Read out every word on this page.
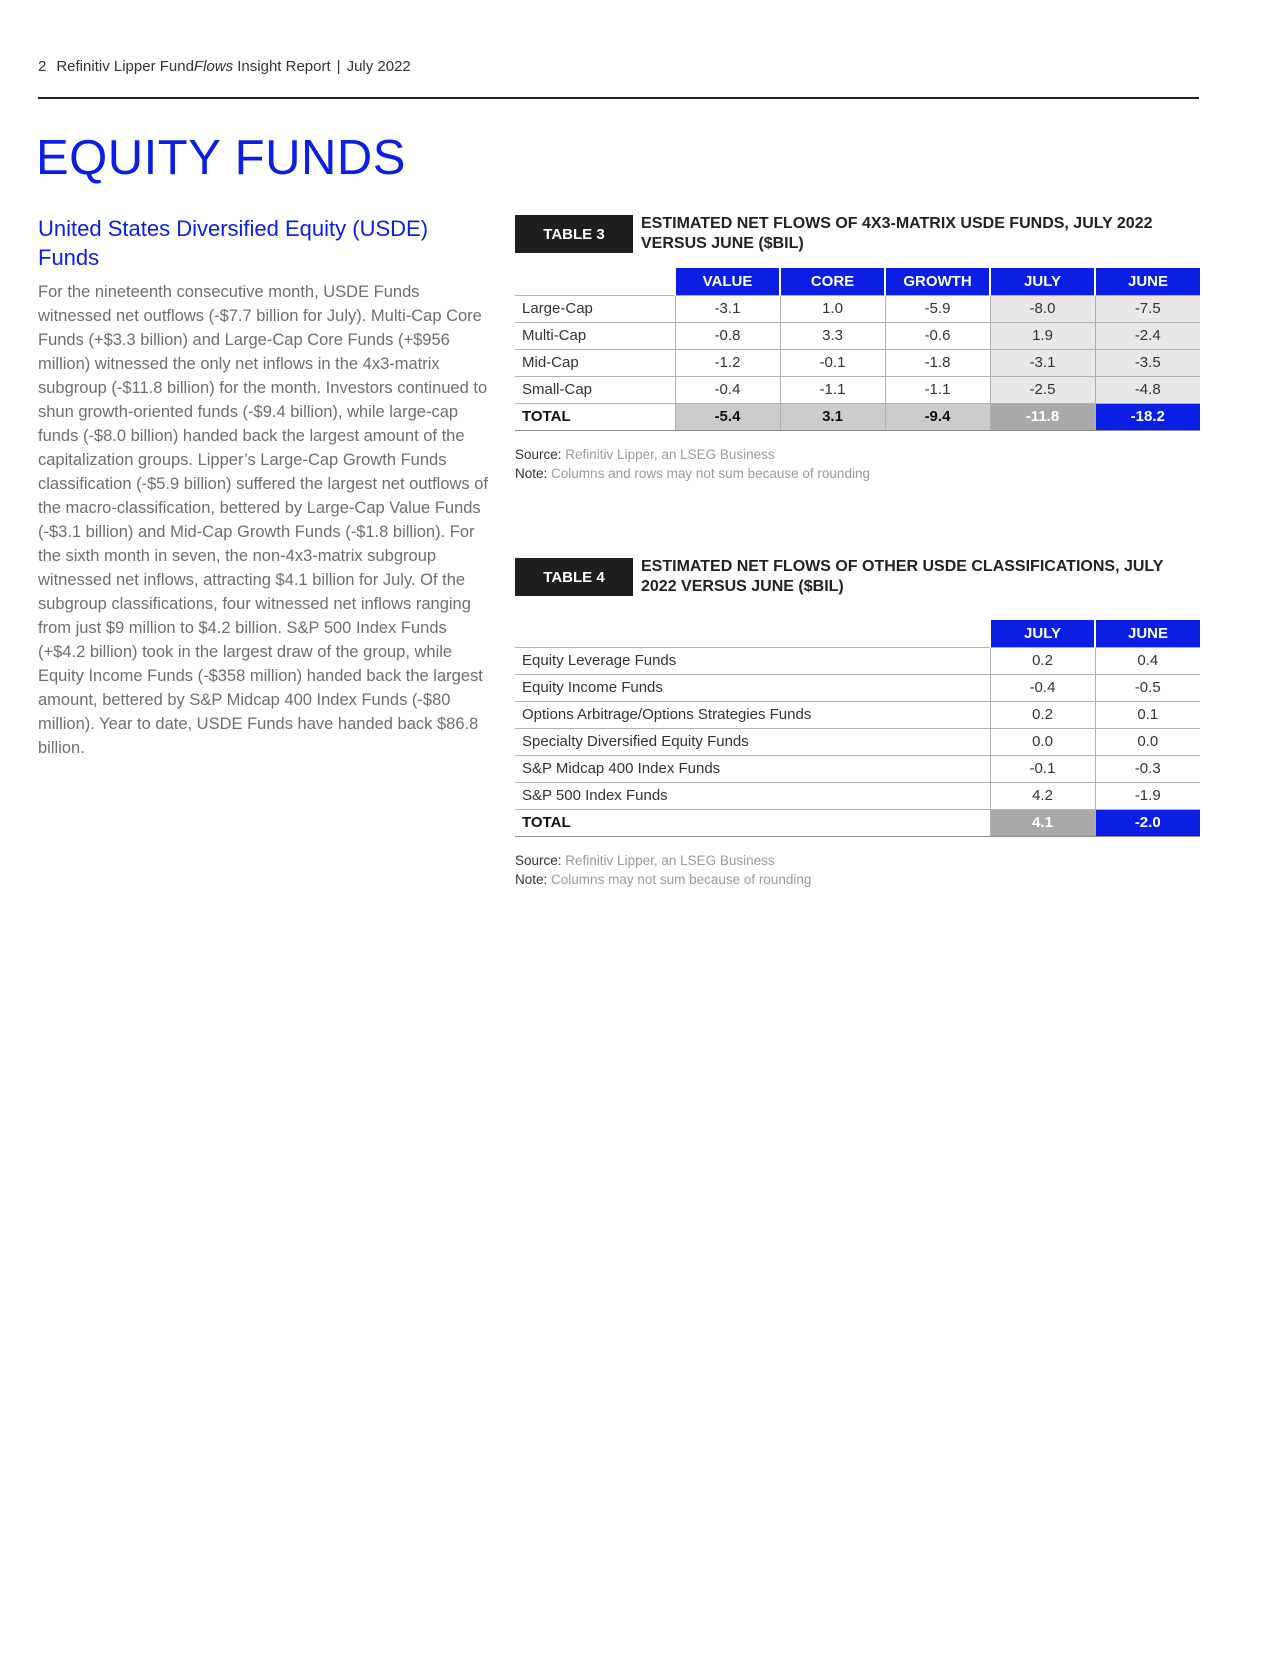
2 Refinitiv Lipper FundFlows Insight Report | July 2022
EQUITY FUNDS
United States Diversified Equity (USDE) Funds

For the nineteenth consecutive month, USDE Funds witnessed net outflows (-$7.7 billion for July). Multi-Cap Core Funds (+$3.3 billion) and Large-Cap Core Funds (+$956 million) witnessed the only net inflows in the 4x3-matrix subgroup (-$11.8 billion) for the month. Investors continued to shun growth-oriented funds (-$9.4 billion), while large-cap funds (-$8.0 billion) handed back the largest amount of the capitalization groups. Lipper’s Large-Cap Growth Funds classification (-$5.9 billion) suffered the largest net outflows of the macro-classification, bettered by Large-Cap Value Funds (-$3.1 billion) and Mid-Cap Growth Funds (-$1.8 billion). For the sixth month in seven, the non-4x3-matrix subgroup witnessed net inflows, attracting $4.1 billion for July. Of the subgroup classifications, four witnessed net inflows ranging from just $9 million to $4.2 billion. S&P 500 Index Funds (+$4.2 billion) took in the largest draw of the group, while Equity Income Funds (-$358 million) handed back the largest amount, bettered by S&P Midcap 400 Index Funds (-$80 million). Year to date, USDE Funds have handed back $86.8 billion.

TABLE 3
ESTIMATED NET FLOWS OF 4X3-MATRIX USDE FUNDS, JULY 2022 VERSUS JUNE ($BIL)
	VALUE	CORE	GROWTH	JULY	JUNE
Large-Cap	-3.1	1.0	-5.9	-8.0	-7.5
Multi-Cap	-0.8	3.3	-0.6	1.9	-2.4
Mid-Cap	-1.2	-0.1	-1.8	-3.1	-3.5
Small-Cap	-0.4	-1.1	-1.1	-2.5	-4.8
TOTAL	-5.4	3.1	-9.4	-11.8	-18.2
Source: Refinitiv Lipper, an LSEG Business
Note: Columns and rows may not sum because of rounding
TABLE 4
ESTIMATED NET FLOWS OF OTHER USDE CLASSIFICATIONS, JULY 2022 VERSUS JUNE ($BIL)
	JULY	JUNE
Equity Leverage Funds	0.2	0.4
Equity Income Funds	-0.4	-0.5
Options Arbitrage/Options Strategies Funds	0.2	0.1
Specialty Diversified Equity Funds	0.0	0.0
S&P Midcap 400 Index Funds	-0.1	-0.3
S&P 500 Index Funds	4.2	-1.9
TOTAL	4.1	-2.0
Source: Refinitiv Lipper, an LSEG Business
Note: Columns may not sum because of rounding
